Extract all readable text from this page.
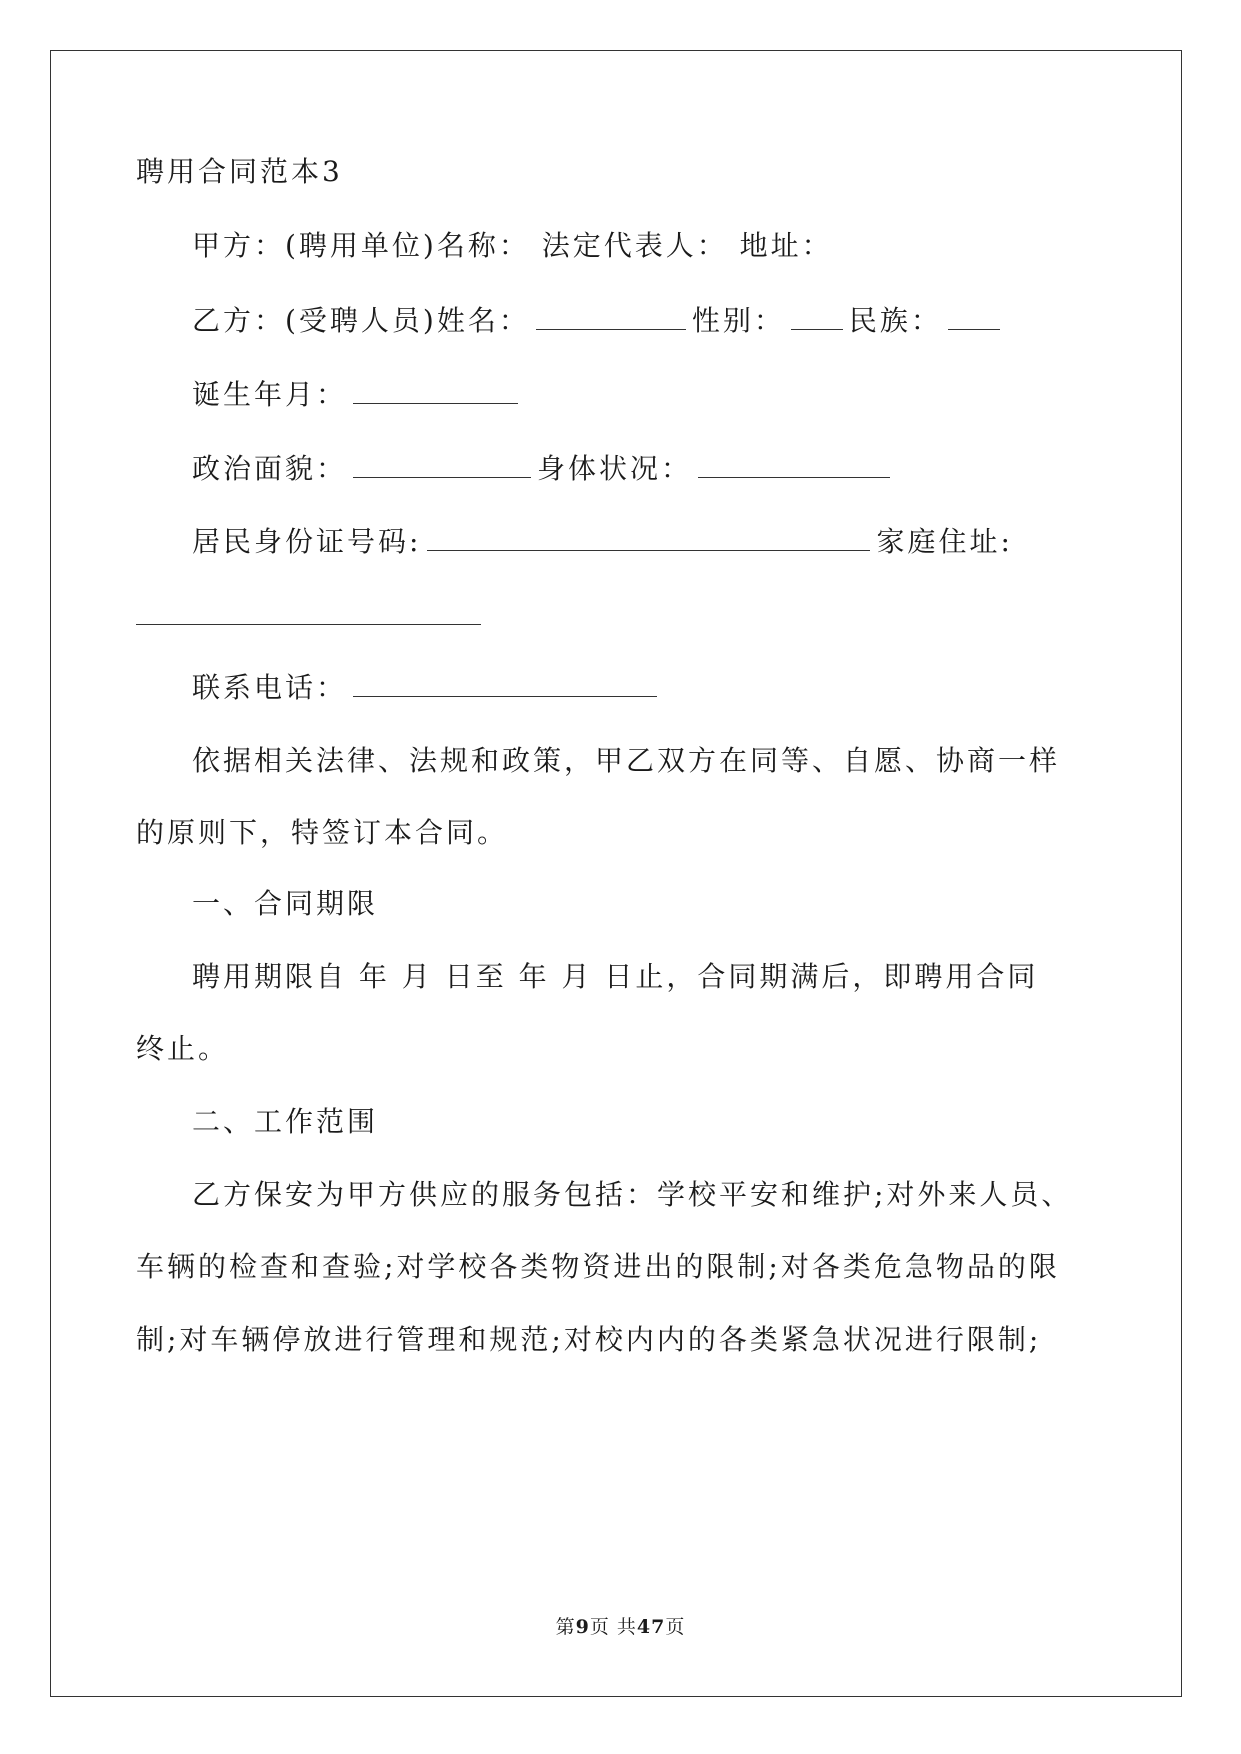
聘用合同范本3
甲方：(聘用单位)名称： 法定代表人： 地址：
乙方：(受聘人员)姓名：	性别： 民族：
诞生年月：
政治面貌：	身体状况：
居民身份证号码:	家庭住址:
联系电话：
依据相关法律、法规和政策，甲乙双方在同等、自愿、协商一样
的原则下，特签订本合同。
一、合同期限
聘用期限自 年 月 日至 年 月 日止，合同期满后，即聘用合同
终止。
二、工作范围
乙方保安为甲方供应的服务包括：学校平安和维护;对外来人员、
车辆的检查和查验;对学校各类物资进出的限制;对各类危急物品的限
制;对车辆停放进行管理和规范;对校内内的各类紧急状况进行限制;
第9页 共47页
